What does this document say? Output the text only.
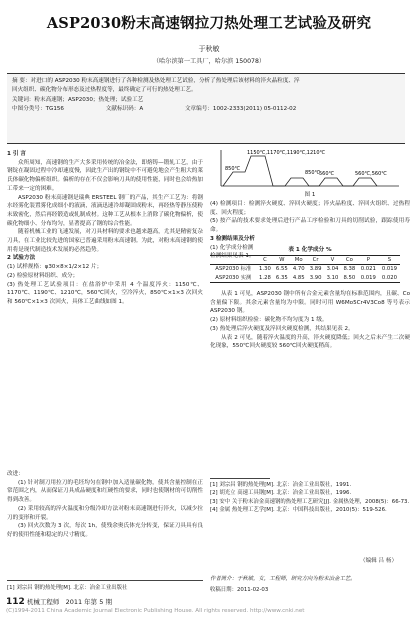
ASP2030粉末高速钢拉刀热处理工艺试验及研究
于秋敏
（哈尔滨第一工具厂，哈尔滨 150078）
摘 要：对进口的 ASP2030 粉末高速钢进行了各种检测及热处理工艺试验，分析了热处理后该材料的淬火晶粒度、淬
回火组织、碳化物分布形态及过热程度等，最终确定了可行的热处理工艺。
关键词：粉末高速钢；ASP2030；热处理；试验工艺
中图分类号：TG156	文献标识码：A	文章编号：1002-2333(2011) 05-0112-02

1 引 言

众所周知，高速钢的生产大多采用传统的冶金法，即熔铸—锻轧工艺，由于钢锭在凝固过程中冷却速度慢，因此生产出的钢锭中不可避免地会产生粗大的莱氏体碳化物偏析组织。偏析的存在不仅会影响刀具的使用性能，同时也会给热加工带来一定的困难。

ASP2030 粉末高速钢是瑞典 ERSTEEL 钢厂的产品，其生产工艺为：将钢水经雾化装置雾化成细小的液滴，液滴迅速冷却凝固成粉末，再经热等静压使粉末致密化，然后再经锻造或轧制成材。这种工艺从根本上消除了碳化物偏析，使碳化物细小、分布均匀，显著提高了钢的综合性能。

随着机械工业的飞速发展，对刀具材料的要求也越来越高，尤其是精密复杂刀具，在工业比较先进的国家已普遍采用粉末高速钢。为此，对粉末高速钢的使用将是现代制造技术发展的必然趋势。

2 试验方法

(1) 试样规格：φ30×8×1/2×12 片；

(2) 检验原材料组织、成分；

(3) 热处理工艺试验项目：在盐浴炉中采用 4 个温度淬火：1150℃、1170℃、1190℃、1210℃，560℃回火，空冷淬火，850℃×1×3 次回火和 560℃×1×3 次回火，具体工艺曲线如图 1。

改进：

(1) 针对制刀用拉刀的毛坯均匀在钢中加入适量碳化物，使其含量控制在正常范围之内，从而保证刀具成品硬度和红硬性的要求，同时也使钢材的可切削性得到改善。

(2) 采用较高的淬火温度和分级冷却方法对粉末高速钢进行淬火，以减少拉刀的变形和开裂。

(3) 回火次数为 3 次，每次 1h，使残余奥氏体充分转变，保证刀具具有良好的使用性能和稳定的尺寸精度。

[1] 刘宗昌 钢的热处理[M]. 北京：冶金工业出版社
1150℃,1170℃,1190℃,1210℃
850℃
560℃,560℃
850℃
560℃
图 1

(4) 检测项目：检测淬火硬度、淬回火硬度；淬火晶粒度、淬回火组织、过热程度、回火程度；

(5) 按产品的技术要求处理后进行产品工序检验和刀具的切削试验，跟踪使用寿命。

3 检测结果及分析

(1) 化学成分检测

检测结果见表 1。

表 1 化学成分 %
	C	W	Mo	Cr	V	Co	P	S
ASP2030 标准	1.30	6.55	4.70	3.89	3.04	8.38	0.021	0.019
ASP2030 实测	1.28	6.35	4.85	3.90	3.10	8.50	0.019	0.020

从表 1 可见，ASP2030 钢中所有合金元素含量均在标准范围内，且碳、Co 含量偏下限。其余元素含量均为中限。同时可用 W6Mo5Cr4V3Co8 等号表示 ASP2030 钢。

(2) 原材料组织检验：碳化物不均匀度为 1 级。

(3) 热处理后淬火硬度及淬回火硬度检测，其结果见表 2。

从表 2 可见，随着淬火温度的升高，淬火硬度降低；回火之后未产生二次硬化现象，550℃回火硬度较 560℃回火硬度稍高。

[1] 刘宗昌 钢的热处理[M]. 北京：冶金工业出版社，1991.

[2] 胡光立 高速工具钢[M]. 北京：冶金工业出版社，1996.

[3] 安中 关于粉末冶金高速钢的热处理工艺研究[J]. 金属热处理，2008(5)：66-73.

[4] 金属 热处理工艺学[M]. 北京：中国科技出版社，2010(5)：519-526.

（编辑 吕 杨）
作者简介：于秋敏，女，工程师，研究方向为粉末冶金工艺。
收稿日期：2011-02-03
112 机械工程师 2011 年第 5 期
(C)1994-2011 China Academic Journal Electronic Publishing House. All rights reserved. http://www.cnki.net
